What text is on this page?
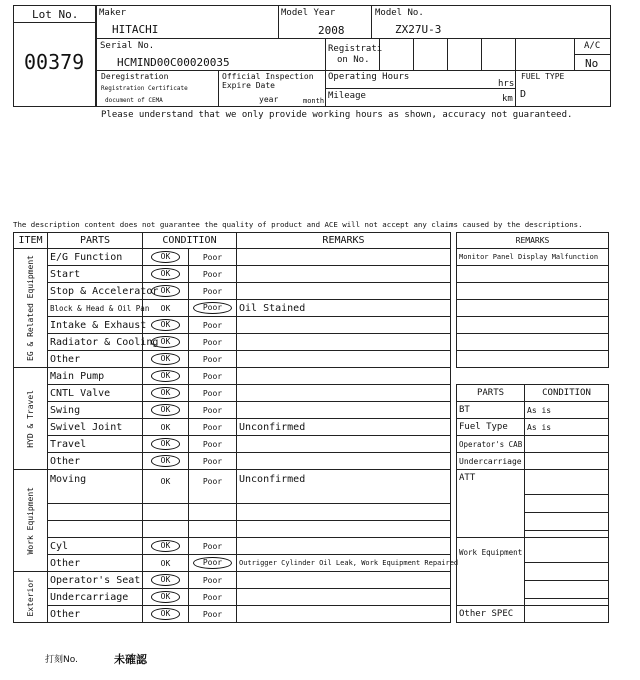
Lot No.
00379
Maker
HITACHI
Model Year
2008
Model No.
ZX27U-3
Serial No.
HCMIND00C00020035
Registrati
on No.
A/C
No
Deregistration
Registration Certificate
document of CEMA
Official Inspection
Expire Date
year	month
Operating Hours
hrs
Mileage	km
FUEL TYPE
D
Please understand that we only provide working hours as shown, accuracy not guaranteed.
The description content does not guarantee the quality of product and ACE will not accept any claims caused by the descriptions.
ITEM	PARTS	CONDITION		REMARKS

EG & Related Equipment	E/G Function	OK	Poor	
	Start	OK	Poor	
	Stop & Accelerator	OK	Poor	
	Block & Head & Oil Pan	OK	Poor	Oil Stained
	Intake & Exhaust	OK	Poor	
	Radiator & Cooling	OK	Poor	
	Other	OK	Poor	

HYD & Travel	Main Pump	OK	Poor	
	CNTL Valve	OK	Poor	
	Swing	OK	Poor	
	Swivel Joint	OK	Poor	Unconfirmed
	Travel	OK	Poor	
	Other	OK	Poor	

Work Equipment	Moving	OK	Poor	Unconfirmed

	Cyl	OK	Poor	
	Other	OK	Poor	Outrigger Cylinder Oil Leak, Work Equipment Repaired

Exterior	Operator's Seat	OK	Poor	
	Undercarriage	OK	Poor	
	Other	OK	Poor	
REMARKS
Monitor Panel Display Malfunction

PARTS	CONDITION
BT	As is
Fuel Type	As is
Operator's CAB	
Undercarriage	
ATT	

Work Equipment	

Other SPEC	
打刻No.	未確認
